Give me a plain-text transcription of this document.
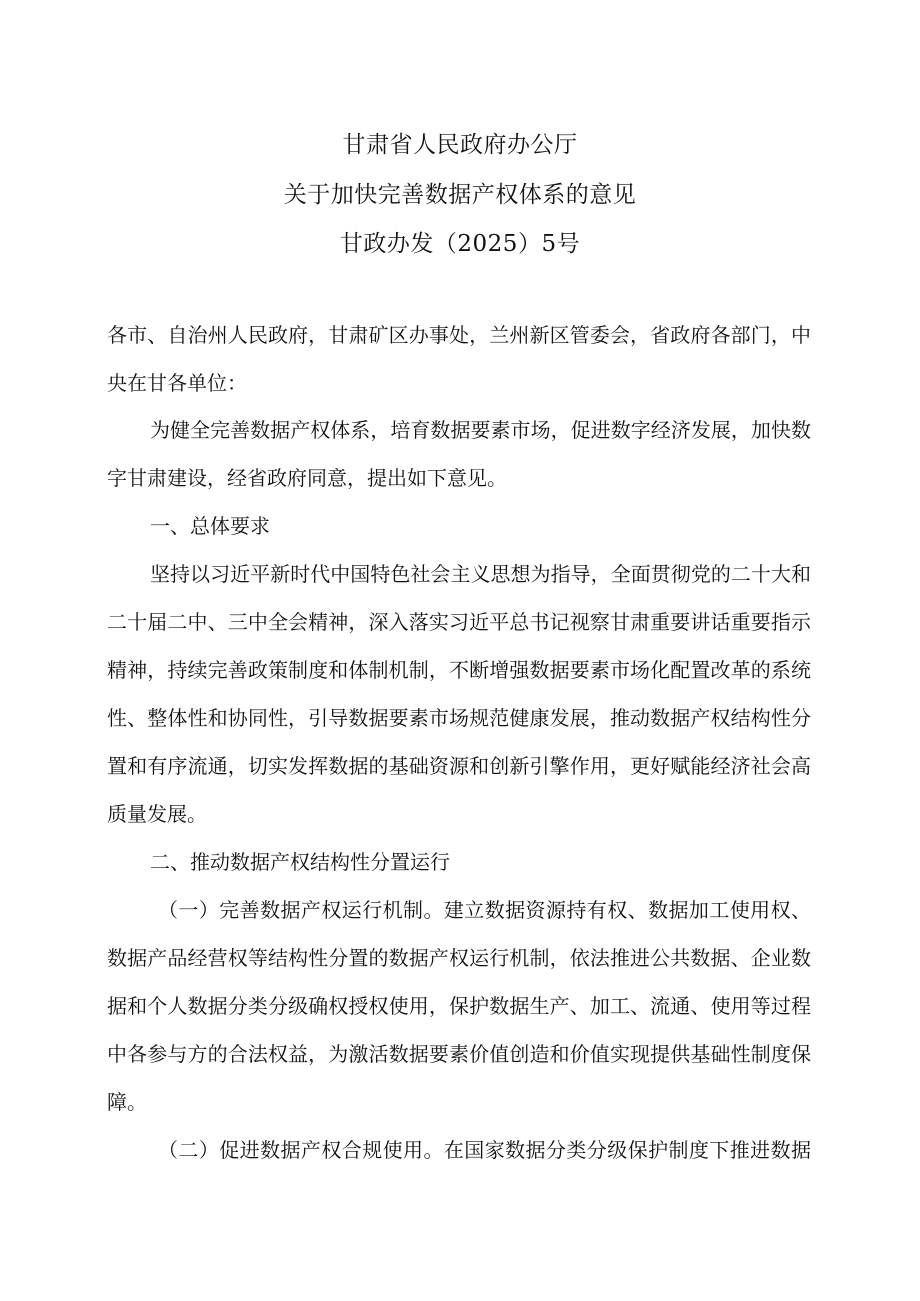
甘肃省人民政府办公厅
关于加快完善数据产权体系的意见
甘政办发（2025）5号
各市、自治州人民政府，甘肃矿区办事处，兰州新区管委会，省政府各部门，中
央在甘各单位：
为健全完善数据产权体系，培育数据要素市场，促进数字经济发展，加快数
字甘肃建设，经省政府同意，提出如下意见。
一、总体要求
坚持以习近平新时代中国特色社会主义思想为指导，全面贯彻党的二十大和
二十届二中、三中全会精神，深入落实习近平总书记视察甘肃重要讲话重要指示
精神，持续完善政策制度和体制机制，不断增强数据要素市场化配置改革的系统
性、整体性和协同性，引导数据要素市场规范健康发展，推动数据产权结构性分
置和有序流通，切实发挥数据的基础资源和创新引擎作用，更好赋能经济社会高
质量发展。
二、推动数据产权结构性分置运行
（一）完善数据产权运行机制。建立数据资源持有权、数据加工使用权、
数据产品经营权等结构性分置的数据产权运行机制，依法推进公共数据、企业数
据和个人数据分类分级确权授权使用，保护数据生产、加工、流通、使用等过程
中各参与方的合法权益，为激活数据要素价值创造和价值实现提供基础性制度保
障。
（二）促进数据产权合规使用。在国家数据分类分级保护制度下推进数据
